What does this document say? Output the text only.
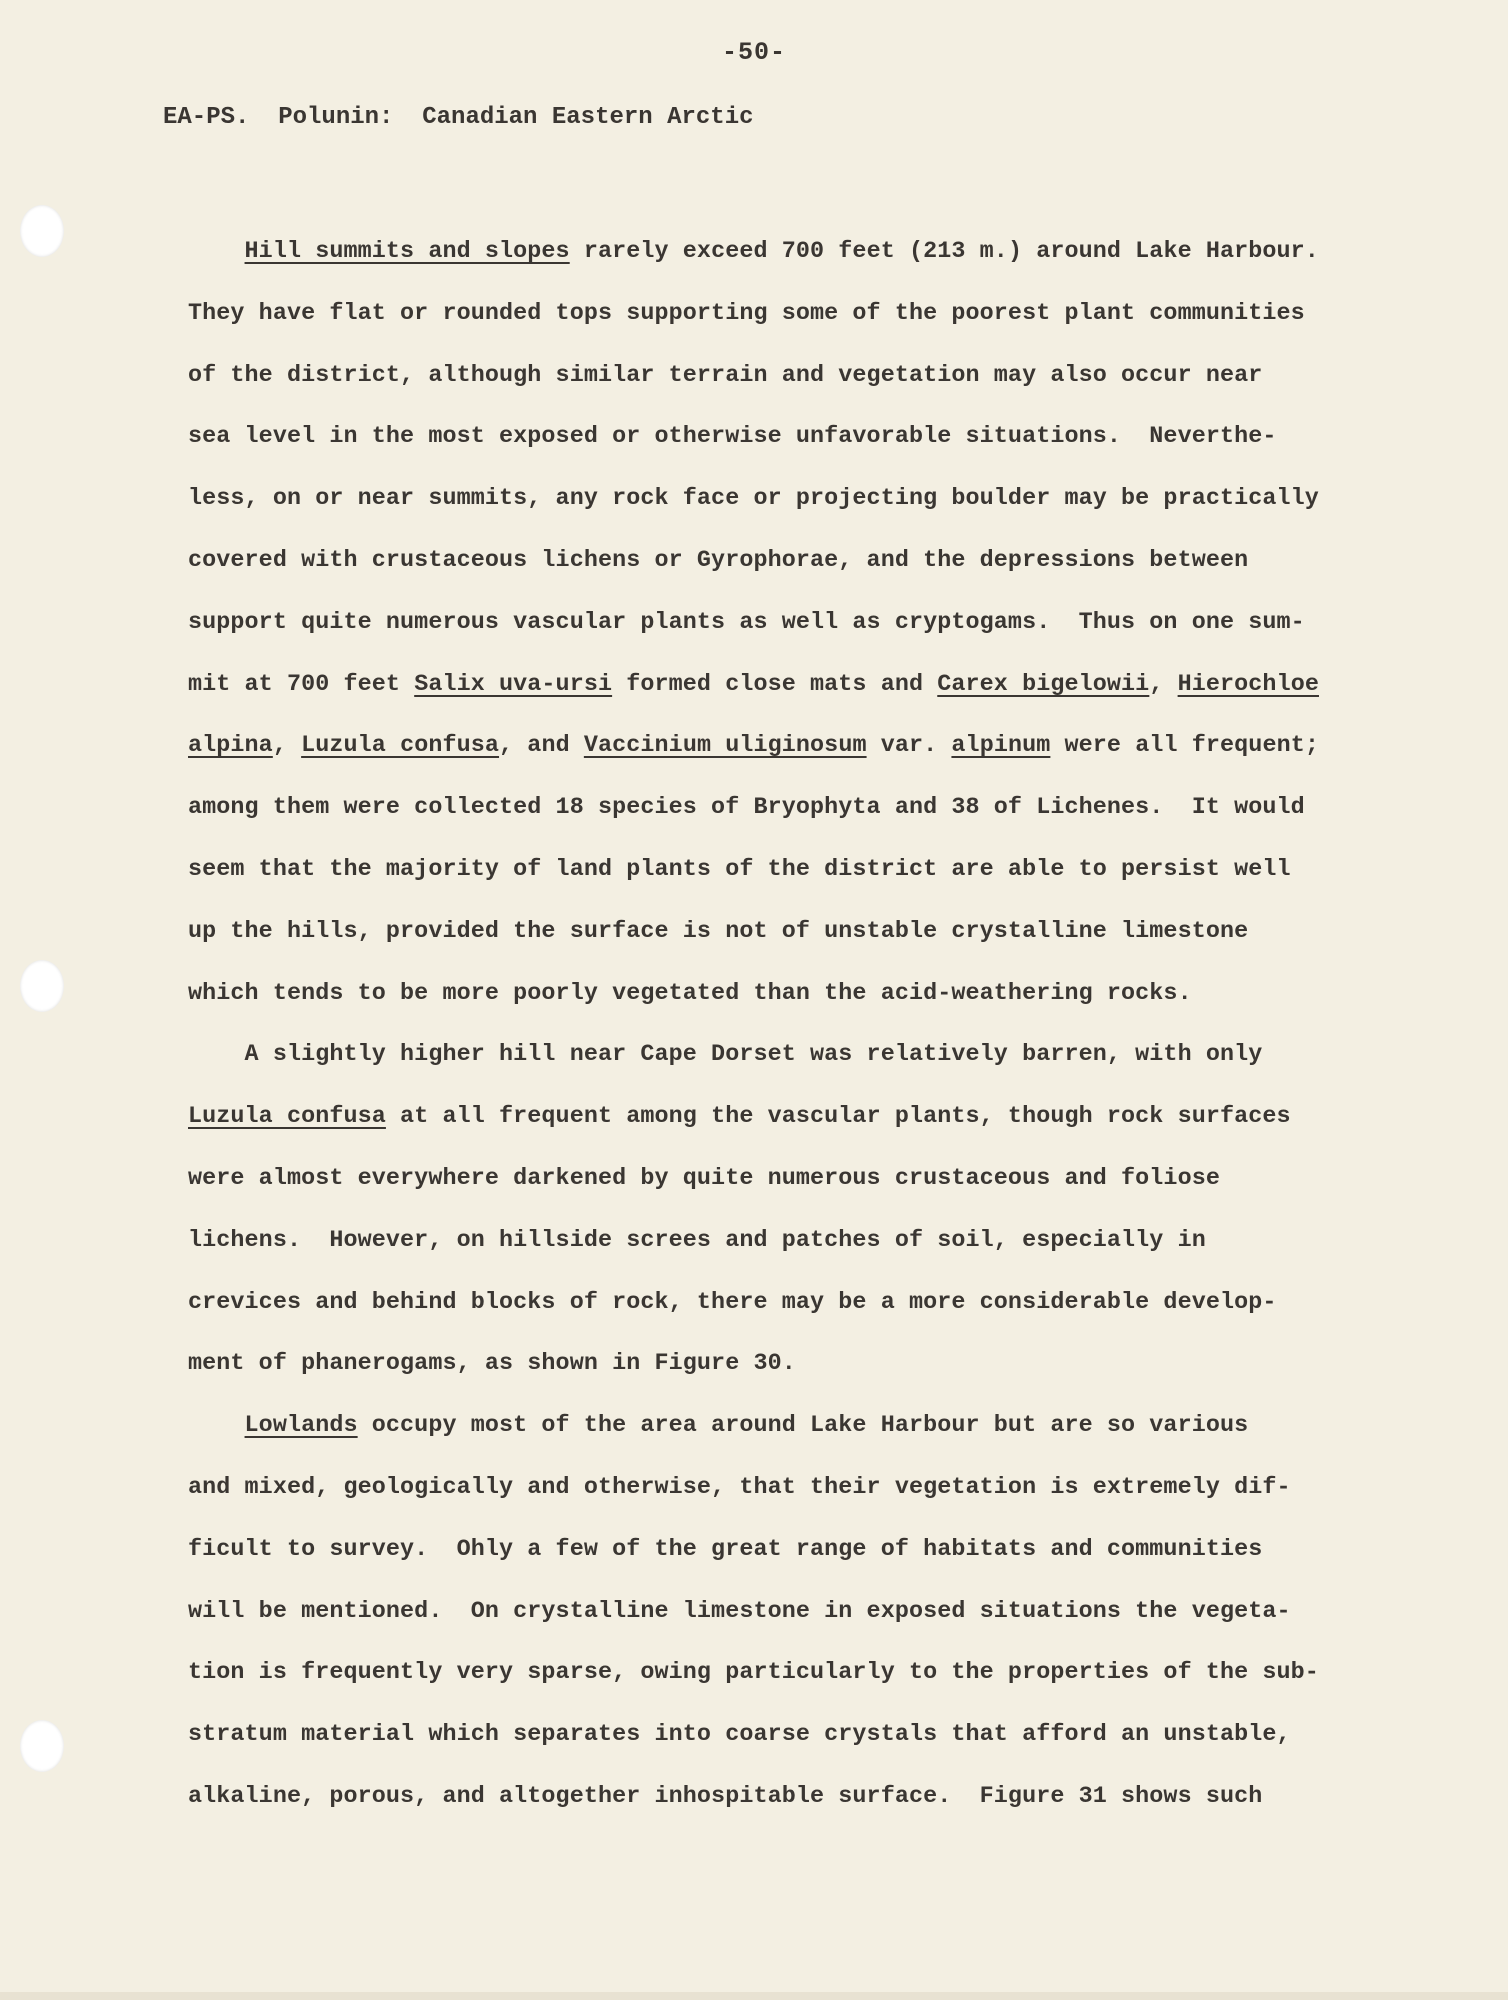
-50-
EA-PS.  Polunin:  Canadian Eastern Arctic
Hill summits and slopes rarely exceed 700 feet (213 m.) around Lake Harbour.
They have flat or rounded tops supporting some of the poorest plant communities
of the district, although similar terrain and vegetation may also occur near
sea level in the most exposed or otherwise unfavorable situations.  Neverthe-
less, on or near summits, any rock face or projecting boulder may be practically
covered with crustaceous lichens or Gyrophorae, and the depressions between
support quite numerous vascular plants as well as cryptogams.  Thus on one sum-
mit at 700 feet Salix uva-ursi formed close mats and Carex bigelowii, Hierochloe
alpina, Luzula confusa, and Vaccinium uliginosum var. alpinum were all frequent;
among them were collected 18 species of Bryophyta and 38 of Lichenes.  It would
seem that the majority of land plants of the district are able to persist well
up the hills, provided the surface is not of unstable crystalline limestone
which tends to be more poorly vegetated than the acid-weathering rocks.
A slightly higher hill near Cape Dorset was relatively barren, with only
Luzula confusa at all frequent among the vascular plants, though rock surfaces
were almost everywhere darkened by quite numerous crustaceous and foliose
lichens.  However, on hillside screes and patches of soil, especially in
crevices and behind blocks of rock, there may be a more considerable develop-
ment of phanerogams, as shown in Figure 30.
Lowlands occupy most of the area around Lake Harbour but are so various
and mixed, geologically and otherwise, that their vegetation is extremely dif-
ficult to survey.  Ohly a few of the great range of habitats and communities
will be mentioned.  On crystalline limestone in exposed situations the vegeta-
tion is frequently very sparse, owing particularly to the properties of the sub-
stratum material which separates into coarse crystals that afford an unstable,
alkaline, porous, and altogether inhospitable surface.  Figure 31 shows such
